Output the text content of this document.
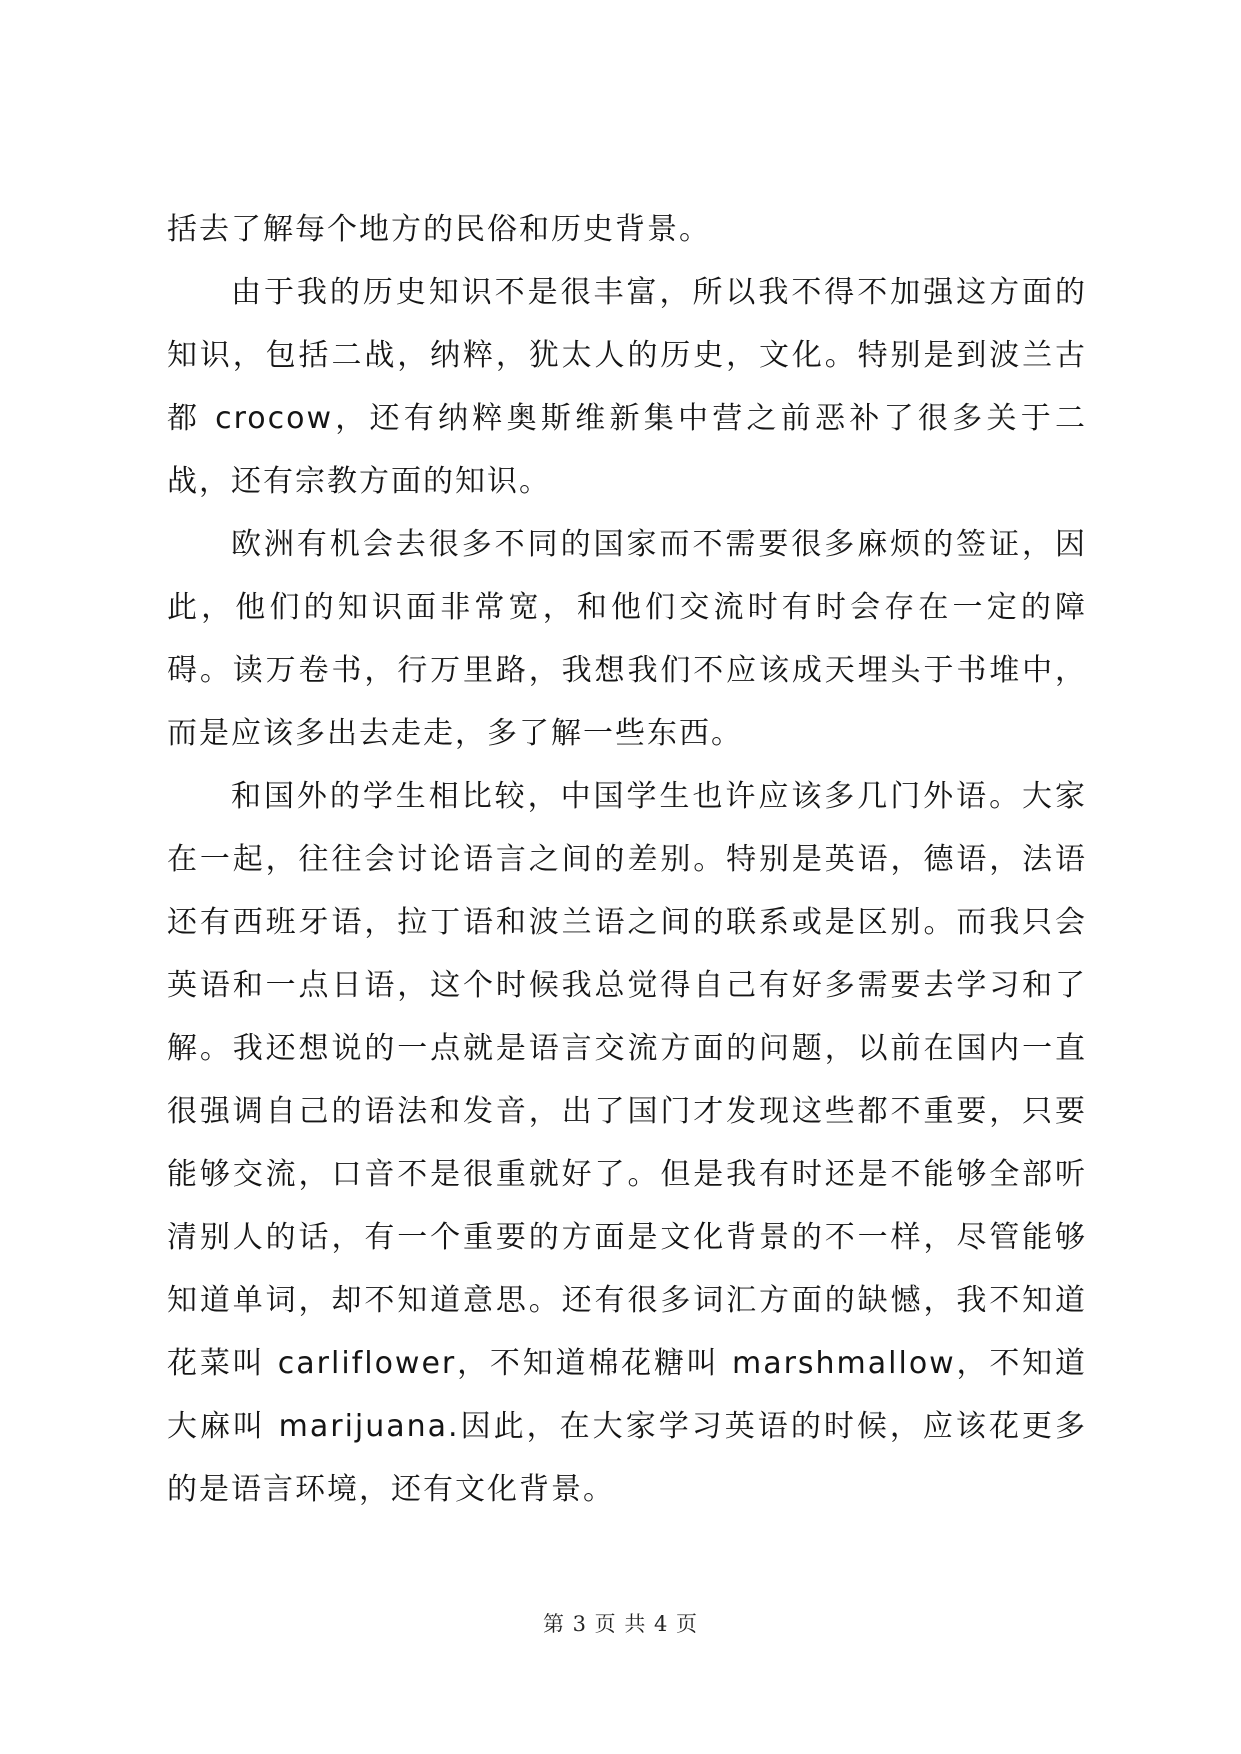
括去了解每个地方的民俗和历史背景。

由于我的历史知识不是很丰富，所以我不得不加强这方面的知识，包括二战，纳粹，犹太人的历史，文化。特别是到波兰古都 crocow，还有纳粹奥斯维新集中营之前恶补了很多关于二战，还有宗教方面的知识。

欧洲有机会去很多不同的国家而不需要很多麻烦的签证，因此，他们的知识面非常宽，和他们交流时有时会存在一定的障碍。读万卷书，行万里路，我想我们不应该成天埋头于书堆中，而是应该多出去走走，多了解一些东西。

和国外的学生相比较，中国学生也许应该多几门外语。大家在一起，往往会讨论语言之间的差别。特别是英语，德语，法语还有西班牙语，拉丁语和波兰语之间的联系或是区别。而我只会英语和一点日语，这个时候我总觉得自己有好多需要去学习和了解。我还想说的一点就是语言交流方面的问题，以前在国内一直很强调自己的语法和发音，出了国门才发现这些都不重要，只要能够交流，口音不是很重就好了。但是我有时还是不能够全部听清别人的话，有一个重要的方面是文化背景的不一样，尽管能够知道单词，却不知道意思。还有很多词汇方面的缺憾，我不知道花菜叫 carliflower，不知道棉花糖叫 marshmallow，不知道大麻叫 marijuana.因此，在大家学习英语的时候，应该花更多的是语言环境，还有文化背景。

第 3 页 共 4 页
